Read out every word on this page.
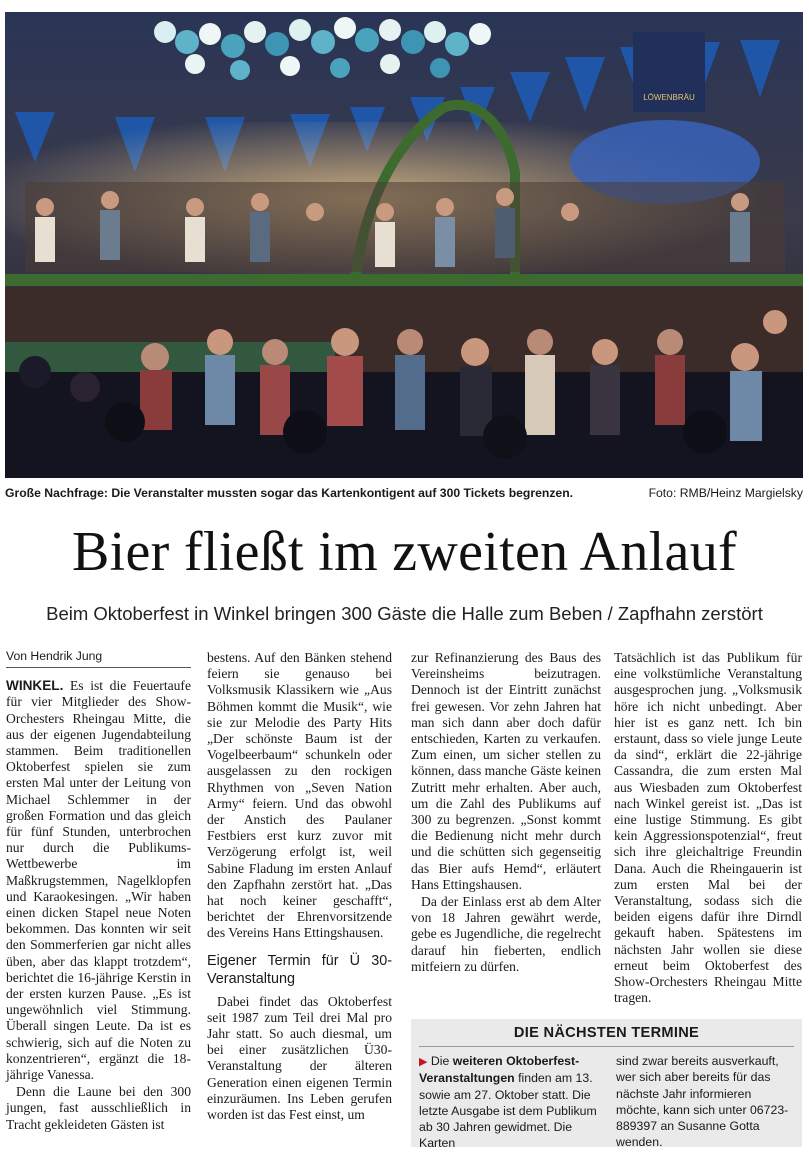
LÖWENBRÄU
Große Nachfrage: Die Veranstalter mussten sogar das Kartenkontigent auf 300 Tickets begrenzen.	Foto: RMB/Heinz Margielsky
Bier fließt im zweiten Anlauf
Beim Oktoberfest in Winkel bringen 300 Gäste die Halle zum Beben / Zapfhahn zerstört
Von Hendrik Jung

WINKEL. Es ist die Feuertaufe für vier Mitglieder des Show-Orchesters Rheingau Mitte, die aus der eigenen Jugendabteilung stammen. Beim traditionellen Oktoberfest spielen sie zum ersten Mal unter der Leitung von Michael Schlemmer in der großen Formation und das gleich für fünf Stunden, unterbrochen nur durch die Publikums-Wettbewerbe im Maßkrugstemmen, Nagelklopfen und Karaokesingen. „Wir haben einen dicken Stapel neue Noten bekommen. Das konnten wir seit den Sommerferien gar nicht alles üben, aber das klappt trotzdem“, berichtet die 16-jährige Kerstin in der ersten kurzen Pause. „Es ist ungewöhnlich viel Stimmung. Überall singen Leute. Da ist es schwierig, sich auf die Noten zu konzentrieren“, ergänzt die 18-jährige Vanessa.

Denn die Laune bei den 300 jungen, fast ausschließlich in Tracht gekleideten Gästen ist

bestens. Auf den Bänken stehend feiern sie genauso bei Volksmusik Klassikern wie „Aus Böhmen kommt die Musik“, wie sie zur Melodie des Party Hits „Der schönste Baum ist der Vogelbeerbaum“ schunkeln oder ausgelassen zu den rockigen Rhythmen von „Seven Nation Army“ feiern. Und das obwohl der Anstich des Paulaner Festbiers erst kurz zuvor mit Verzögerung erfolgt ist, weil Sabine Fladung im ersten Anlauf den Zapfhahn zerstört hat. „Das hat noch keiner geschafft“, berichtet der Ehrenvorsitzende des Vereins Hans Ettingshausen.

Eigener Termin für Ü 30-Veranstaltung

Dabei findet das Oktoberfest seit 1987 zum Teil drei Mal pro Jahr statt. So auch diesmal, um bei einer zusätzlichen Ü30-Veranstaltung der älteren Generation einen eigenen Termin einzuräumen. Ins Leben gerufen worden ist das Fest einst, um

zur Refinanzierung des Baus des Vereinsheims beizutragen. Dennoch ist der Eintritt zunächst frei gewesen. Vor zehn Jahren hat man sich dann aber doch dafür entschieden, Karten zu verkaufen. Zum einen, um sicher stellen zu können, dass manche Gäste keinen Zutritt mehr erhalten. Aber auch, um die Zahl des Publikums auf 300 zu begrenzen. „Sonst kommt die Bedienung nicht mehr durch und die schütten sich gegenseitig das Bier aufs Hemd“, erläutert Hans Ettingshausen.

Da der Einlass erst ab dem Alter von 18 Jahren gewährt werde, gebe es Jugendliche, die regelrecht darauf hin fieberten, endlich mitfeiern zu dürfen.

Tatsächlich ist das Publikum für eine volkstümliche Veranstaltung ausgesprochen jung. „Volksmusik höre ich nicht unbedingt. Aber hier ist es ganz nett. Ich bin erstaunt, dass so viele junge Leute da sind“, erklärt die 22-jährige Cassandra, die zum ersten Mal aus Wiesbaden zum Oktoberfest nach Winkel gereist ist. „Das ist eine lustige Stimmung. Es gibt kein Aggressionspotenzial“, freut sich ihre gleichaltrige Freundin Dana. Auch die Rheingauerin ist zum ersten Mal bei der Veranstaltung, sodass sich die beiden eigens dafür ihre Dirndl gekauft haben. Spätestens im nächsten Jahr wollen sie diese erneut beim Oktoberfest des Show-Orchesters Rheingau Mitte tragen.

DIE NÄCHSTEN TERMINE
▶ Die weiteren Oktoberfest-Veranstaltungen finden am 13. sowie am 27. Oktober statt. Die letzte Ausgabe ist dem Publikum ab 30 Jahren gewidmet. Die Karten
sind zwar bereits ausverkauft, wer sich aber bereits für das nächste Jahr informieren möchte, kann sich unter 06723-889397 an Susanne Gotta wenden.
